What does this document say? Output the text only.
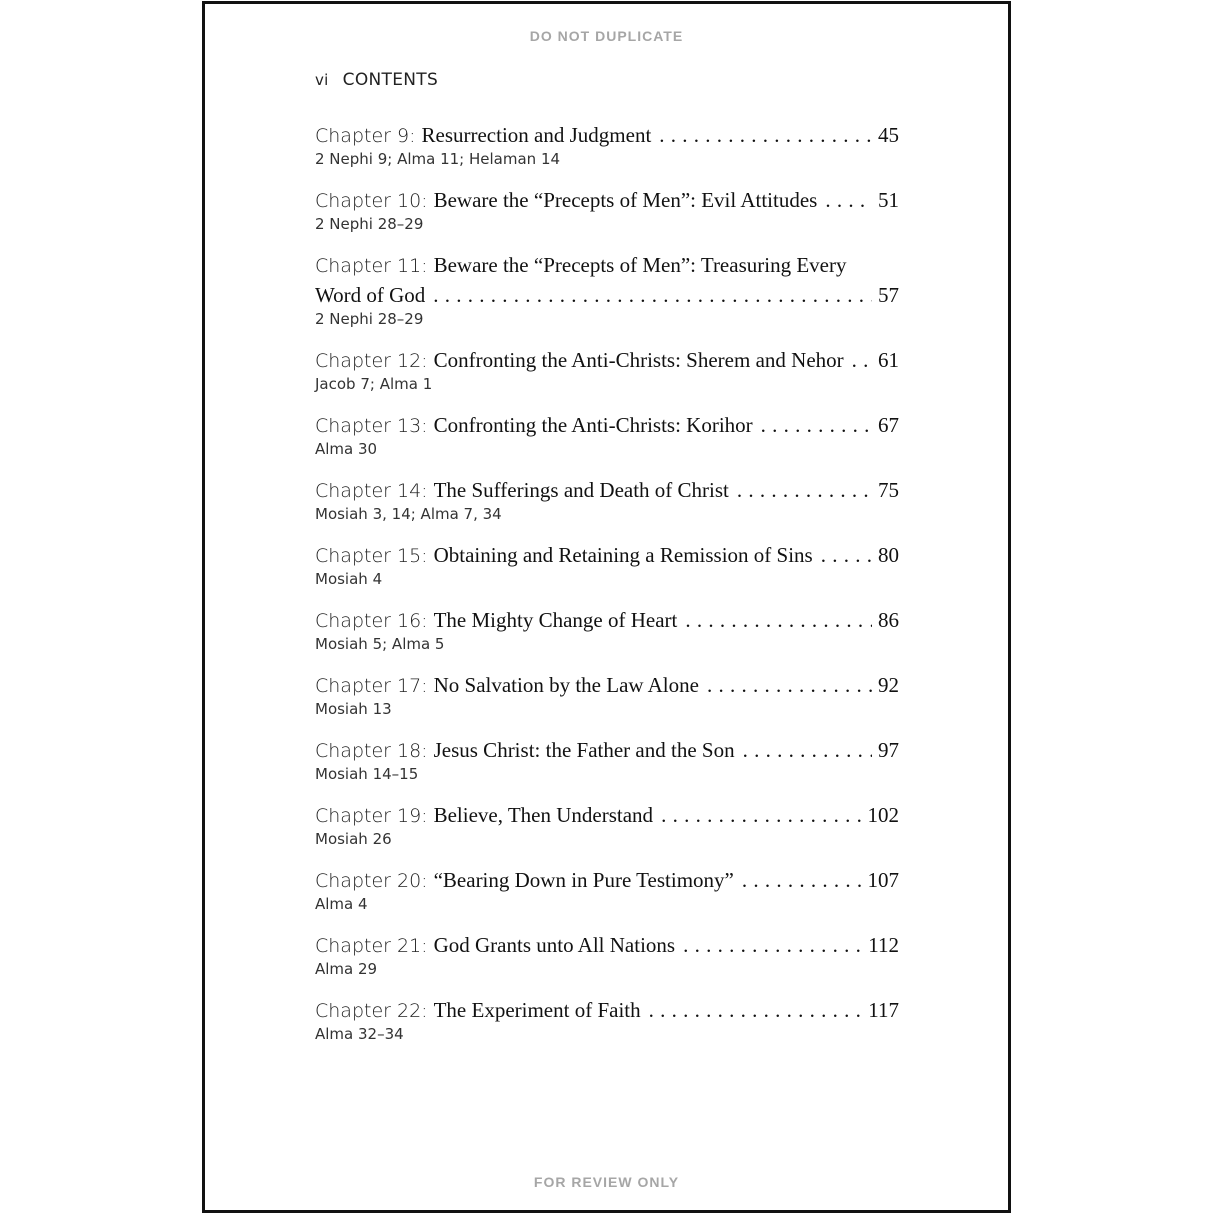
DO NOT DUPLICATE
vi CONTENTS
Chapter 9: Resurrection and Judgment . . .	45
2 Nephi 9; Alma 11; Helaman 14
Chapter 10: Beware the “Precepts of Men”: Evil Attitudes . . .	51
2 Nephi 28–29
Chapter 11: Beware the “Precepts of Men”: Treasuring Every
Word of God . . .	57
2 Nephi 28–29
Chapter 12: Confronting the Anti-Christs: Sherem and Nehor . . . 61
Jacob 7; Alma 1
Chapter 13: Confronting the Anti-Christs: Korihor . . .	67
Alma 30
Chapter 14: The Sufferings and Death of Christ . . .	75
Mosiah 3, 14; Alma 7, 34
Chapter 15: Obtaining and Retaining a Remission of Sins . . .	80
Mosiah 4
Chapter 16: The Mighty Change of Heart . . .	86
Mosiah 5; Alma 5
Chapter 17: No Salvation by the Law Alone . . .	92
Mosiah 13
Chapter 18: Jesus Christ: the Father and the Son . . .	97
Mosiah 14–15
Chapter 19: Believe, Then Understand . . .	102
Mosiah 26
Chapter 20: “Bearing Down in Pure Testimony” . . .	107
Alma 4
Chapter 21: God Grants unto All Nations . . .	112
Alma 29
Chapter 22: The Experiment of Faith . . .	117
Alma 32–34
FOR REVIEW ONLY
